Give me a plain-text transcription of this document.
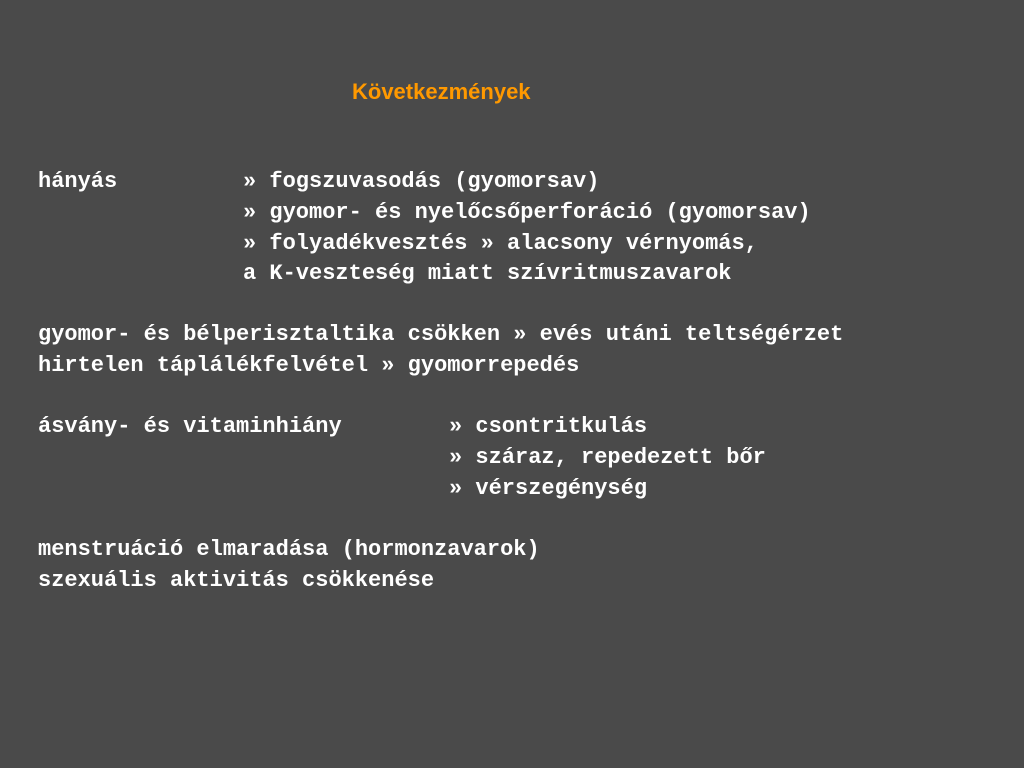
Következmények
hányás	» fogszuvasodás (gyomorsav)
» gyomor- és nyelőcsőperforáció (gyomorsav)
» folyadékvesztés » alacsony vérnyomás,
a K-veszteség miatt szívritmuszavarok
gyomor- és bélperisztaltika csökken » evés utáni teltségérzet
hirtelen táplálékfelvétel » gyomorrepedés
ásvány- és vitaminhiány	» csontritkulás
» száraz, repedezett bőr
» vérszegénység
menstruáció elmaradása (hormonzavarok)
szexuális aktivitás csökkenése
